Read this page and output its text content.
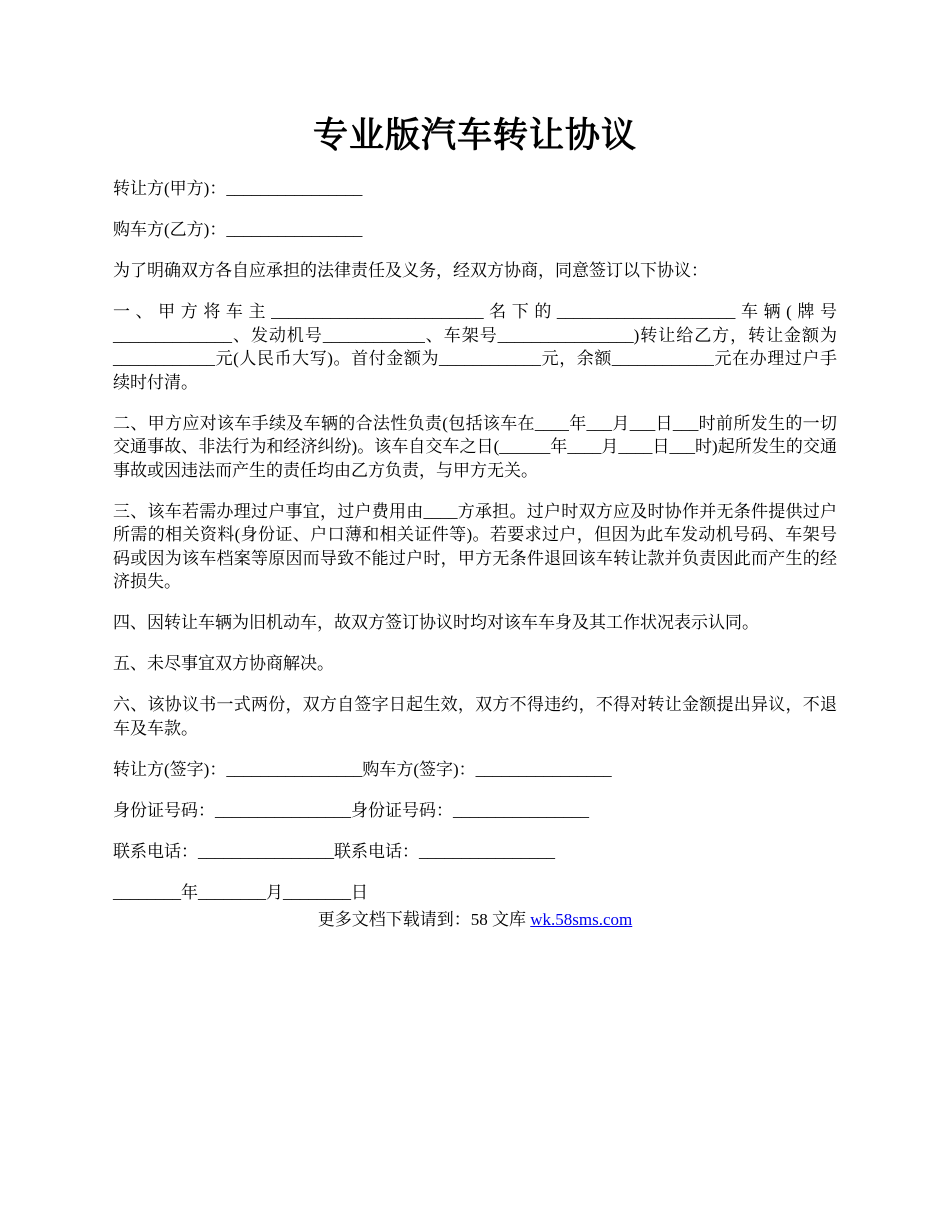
专业版汽车转让协议

转让方(甲方)：________________

购车方(乙方)：________________

为了明确双方各自应承担的法律责任及义务，经双方协商，同意签订以下协议：

一、甲方将车主_________________________名下的_____________________车辆(牌号______________、发动机号____________、车架号________________)转让给乙方，转让金额为____________元(人民币大写)。首付金额为____________元，余额____________元在办理过户手续时付清。

二、甲方应对该车手续及车辆的合法性负责(包括该车在____年___月___日___时前所发生的一切交通事故、非法行为和经济纠纷)。该车自交车之日(______年____月____日___时)起所发生的交通事故或因违法而产生的责任均由乙方负责，与甲方无关。

三、该车若需办理过户事宜，过户费用由____方承担。过户时双方应及时协作并无条件提供过户所需的相关资料(身份证、户口薄和相关证件等)。若要求过户，但因为此车发动机号码、车架号码或因为该车档案等原因而导致不能过户时，甲方无条件退回该车转让款并负责因此而产生的经济损失。

四、因转让车辆为旧机动车，故双方签订协议时均对该车车身及其工作状况表示认同。

五、未尽事宜双方协商解决。

六、该协议书一式两份，双方自签字日起生效，双方不得违约，不得对转让金额提出异议，不退车及车款。

转让方(签字)：________________购车方(签字)：________________

身份证号码：________________身份证号码：________________

联系电话：________________联系电话：________________

________年________月________日

更多文档下载请到：58 文库 wk.58sms.com
